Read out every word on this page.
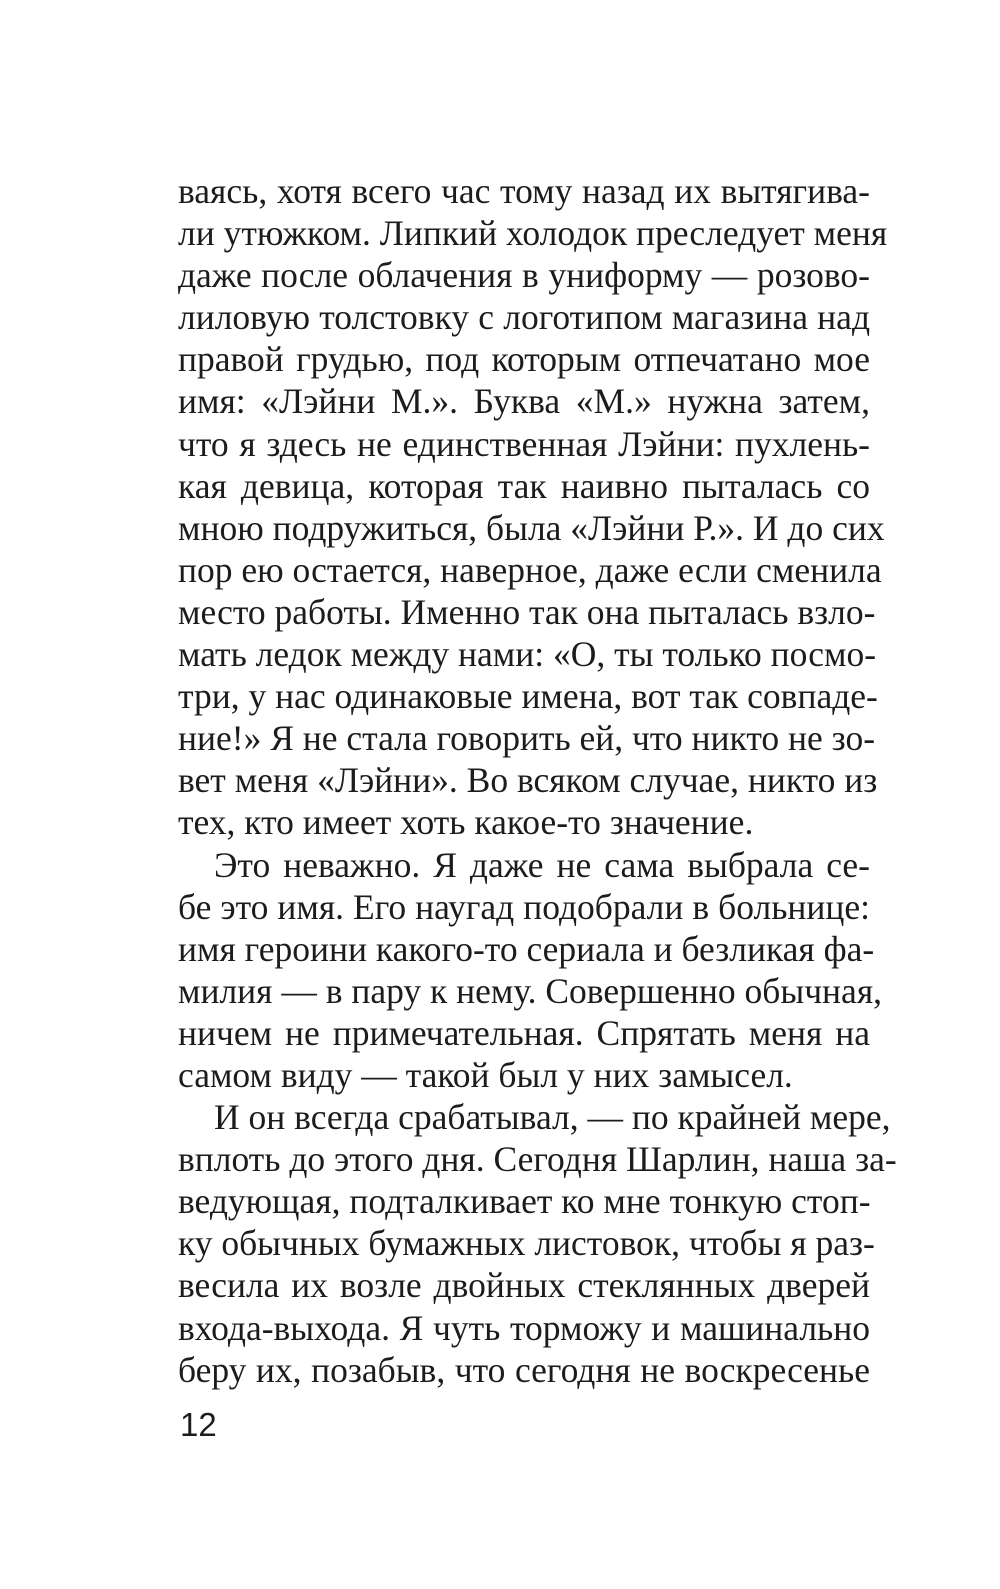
ваясь, хотя всего час тому назад их вытягива-
ли утюжком. Липкий холодок преследует меня
даже после облачения в униформу — розово-
лиловую толстовку с логотипом магазина над
правой грудью, под которым отпечатано мое
имя: «Лэйни М.». Буква «М.» нужна затем,
что я здесь не единственная Лэйни: пухлень-
кая девица, которая так наивно пыталась со
мною подружиться, была «Лэйни Р.». И до сих
пор ею остается, наверное, даже если сменила
место работы. Именно так она пыталась взло-
мать ледок между нами: «О, ты только посмо-
три, у нас одинаковые имена, вот так совпаде-
ние!» Я не стала говорить ей, что никто не зо-
вет меня «Лэйни». Во всяком случае, никто из
тех, кто имеет хоть какое-то значение.
Это неважно. Я даже не сама выбрала се-
бе это имя. Его наугад подобрали в больнице:
имя героини какого-то сериала и безликая фа-
милия — в пару к нему. Совершенно обычная,
ничем не примечательная. Спрятать меня на
самом виду — такой был у них замысел.
И он всегда срабатывал, — по крайней мере,
вплоть до этого дня. Сегодня Шарлин, наша за-
ведующая, подталкивает ко мне тонкую стоп-
ку обычных бумажных листовок, чтобы я раз-
весила их возле двойных стеклянных дверей
входа-выхода. Я чуть торможу и машинально
беру их, позабыв, что сегодня не воскресенье
12
